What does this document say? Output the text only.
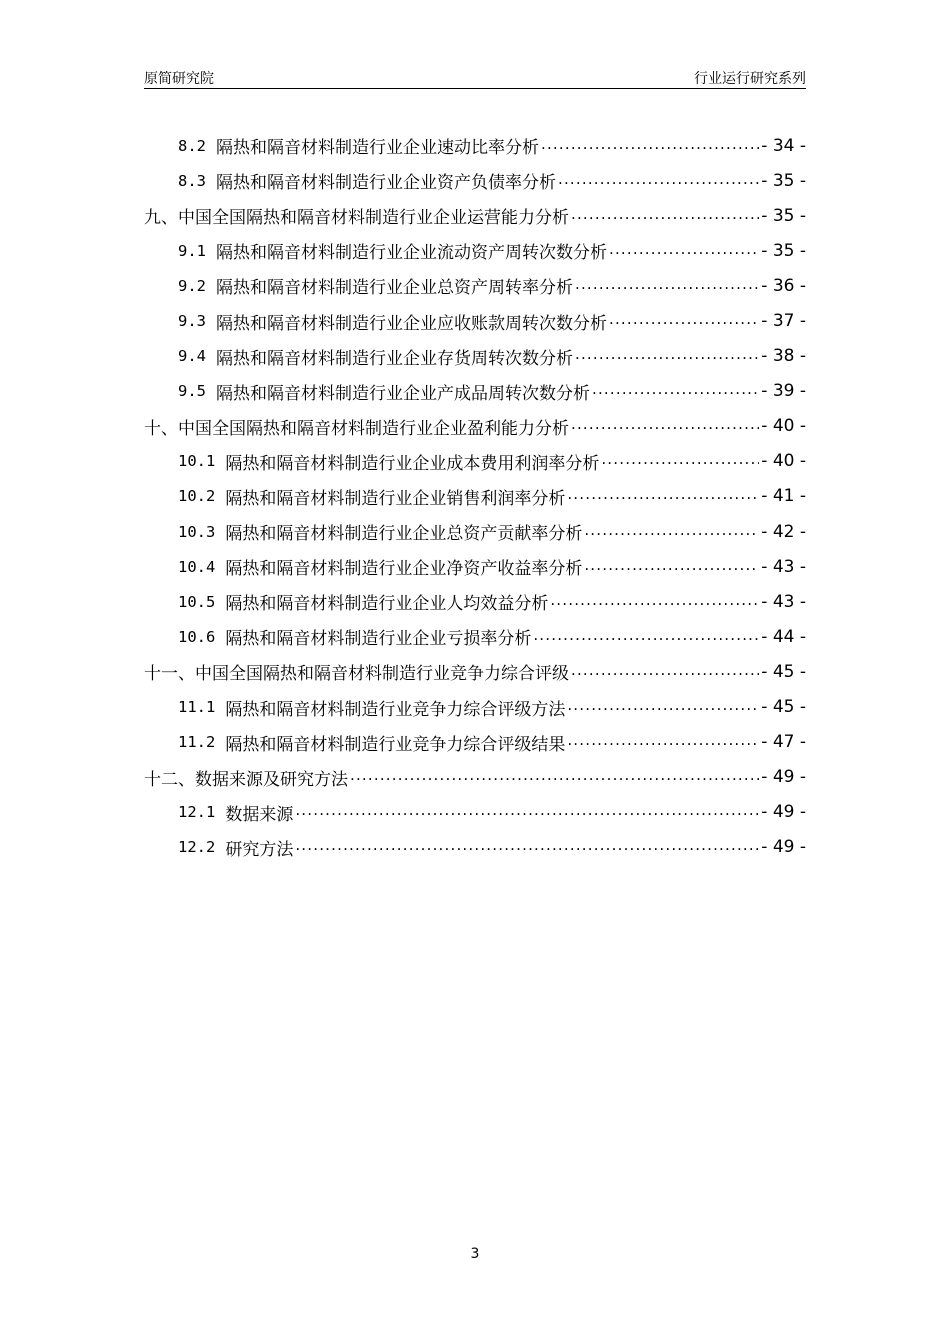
原简研究院	行业运行研究系列
8.2 隔热和隔音材料制造行业企业速动比率分析 .....	- 34 -
8.3 隔热和隔音材料制造行业企业资产负债率分析 .....	- 35 -
九、中国全国隔热和隔音材料制造行业企业运营能力分析 .....	- 35 -
9.1 隔热和隔音材料制造行业企业流动资产周转次数分析 .....	- 35 -
9.2 隔热和隔音材料制造行业企业总资产周转率分析 .....	- 36 -
9.3 隔热和隔音材料制造行业企业应收账款周转次数分析 .....	- 37 -
9.4 隔热和隔音材料制造行业企业存货周转次数分析 .....	- 38 -
9.5 隔热和隔音材料制造行业企业产成品周转次数分析 .....	- 39 -
十、中国全国隔热和隔音材料制造行业企业盈利能力分析 .....	- 40 -
10.1 隔热和隔音材料制造行业企业成本费用利润率分析 .....	- 40 -
10.2 隔热和隔音材料制造行业企业销售利润率分析 .....	- 41 -
10.3 隔热和隔音材料制造行业企业总资产贡献率分析 .....	- 42 -
10.4 隔热和隔音材料制造行业企业净资产收益率分析 .....	- 43 -
10.5 隔热和隔音材料制造行业企业人均效益分析 .....	- 43 -
10.6 隔热和隔音材料制造行业企业亏损率分析 .....	- 44 -
十一、中国全国隔热和隔音材料制造行业竞争力综合评级 .....	- 45 -
11.1 隔热和隔音材料制造行业竞争力综合评级方法 .....	- 45 -
11.2 隔热和隔音材料制造行业竞争力综合评级结果 .....	- 47 -
十二、数据来源及研究方法 .....	- 49 -
12.1 数据来源 .....	- 49 -
12.2 研究方法 .....	- 49 -
3
